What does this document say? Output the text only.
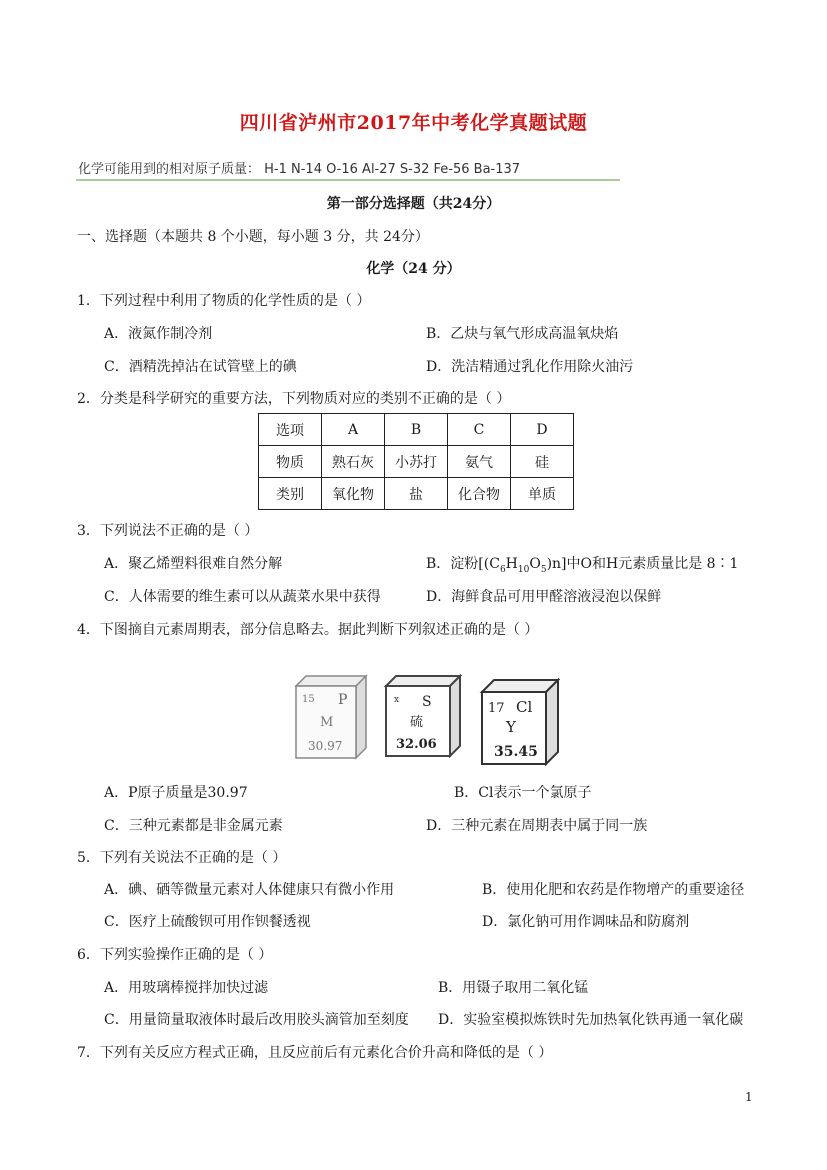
四川省泸州市2017年中考化学真题试题
化学可能用到的相对原子质量： H-1 N-14 O-16 Al-27 S-32 Fe-56 Ba-137
第一部分选择题（共24分）
一、选择题（本题共 8 个小题，每小题 3 分，共 24分）
化学（24 分）
1．下列过程中利用了物质的化学性质的是（ ）
A．液氮作制冷剂	B．乙炔与氧气形成高温氧炔焰
C．酒精洗掉沾在试管壁上的碘	D．洗洁精通过乳化作用除火油污
2．分类是科学研究的重要方法，下列物质对应的类别不正确的是（ ）
选项	A	B	C	D
物质	熟石灰	小苏打	氨气	硅
类别	氧化物	盐	化合物	单质
3．下列说法不正确的是（ ）
A．聚乙烯塑料很难自然分解	B．淀粉$[(C_6H_{10}O_5)n]$中O和H元素质量比是 8∶1
C．人体需要的维生素可以从蔬菜水果中获得	D．海鲜食品可用甲醛溶液浸泡以保鲜
4．下图摘自元素周期表，部分信息略去。据此判断下列叙述正确的是（ ）
15 P
M
30.97
x S
硫
32.06
17 Cl
Y
35.45
A．P原子质量是30.97	B．Cl表示一个氯原子
C．三种元素都是非金属元素	D．三种元素在周期表中属于同一族
5．下列有关说法不正确的是（ ）
A．碘、硒等微量元素对人体健康只有微小作用	B．使用化肥和农药是作物增产的重要途径
C．医疗上硫酸钡可用作钡餐透视	D．氯化钠可用作调味品和防腐剂
6．下列实验操作正确的是（ ）
A．用玻璃棒搅拌加快过滤	B．用镊子取用二氧化锰
C．用量筒量取液体时最后改用胶头滴管加至刻度 D．实验室模拟炼铁时先加热氧化铁再通一氧化碳
7．下列有关反应方程式正确，且反应前后有元素化合价升高和降低的是（ ）
1
